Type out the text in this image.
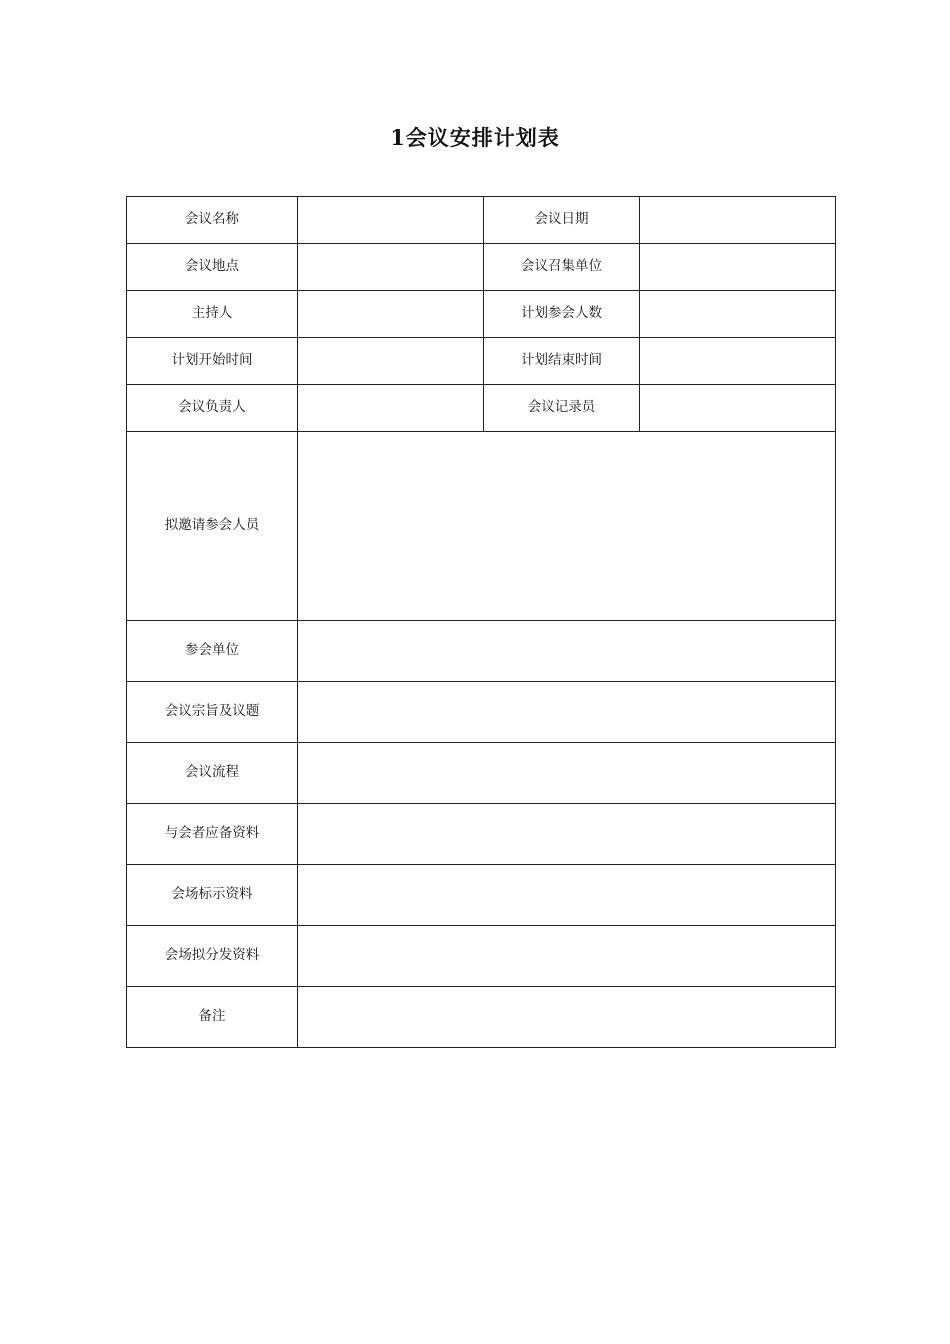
1会议安排计划表
会议名称		会议日期	
会议地点		会议召集单位	
主持人		计划参会人数	
计划开始时间		计划结束时间	
会议负责人		会议记录员	
拟邀请参会人员			
参会单位			
会议宗旨及议题			
会议流程			
与会者应备资料			
会场标示资料			
会场拟分发资料			
备注			
